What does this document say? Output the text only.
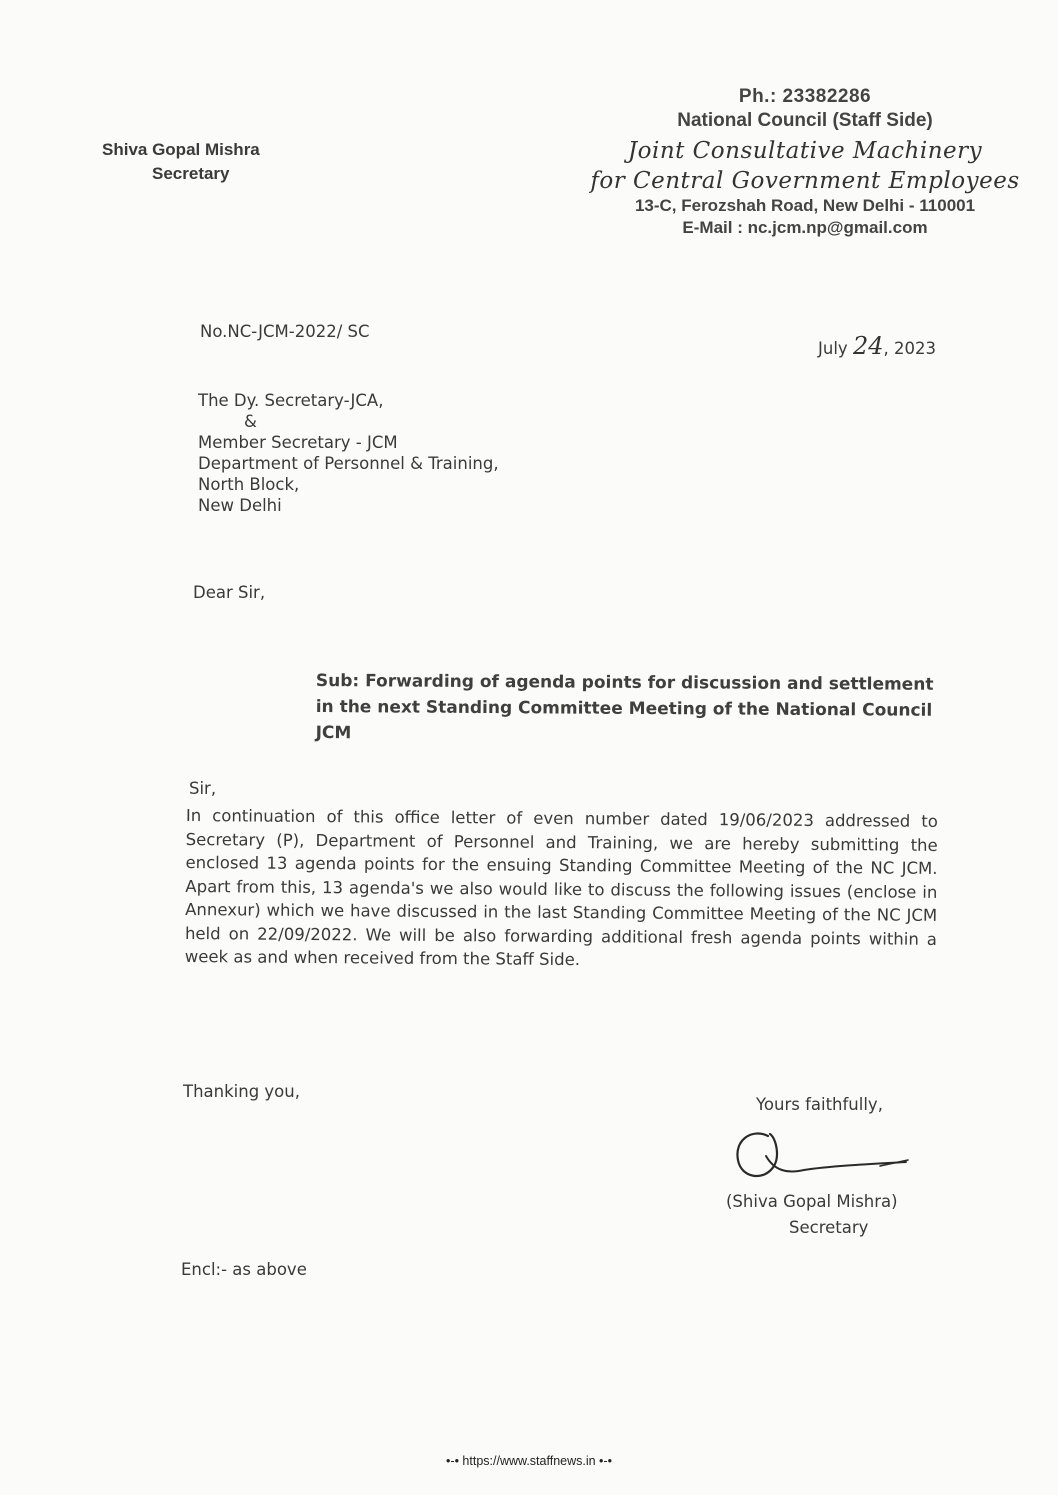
Shiva Gopal Mishra
Secretary
Ph.: 23382286
National Council (Staff Side)
Joint Consultative Machinery
for Central Government Employees
13-C, Ferozshah Road, New Delhi - 110001
E-Mail : nc.jcm.np@gmail.com
No.NC-JCM-2022/ SC
July 24, 2023
The Dy. Secretary-JCA,
&
Member Secretary - JCM
Department of Personnel & Training,
North Block,
New Delhi
Dear Sir,
Sub: Forwarding of agenda points for discussion and settlement in the next Standing Committee Meeting of the National Council JCM
Sir,
In continuation of this office letter of even number dated 19/06/2023 addressed to Secretary (P), Department of Personnel and Training, we are hereby submitting the enclosed 13 agenda points for the ensuing Standing Committee Meeting of the NC JCM. Apart from this, 13 agenda's we also would like to discuss the following issues (enclose in Annexur) which we have discussed in the last Standing Committee Meeting of the NC JCM held on 22/09/2022. We will be also forwarding additional fresh agenda points within a week as and when received from the Staff Side.
Thanking you,
Yours faithfully,
(Shiva Gopal Mishra)
Secretary
Encl:- as above
•-• https://www.staffnews.in •-•
